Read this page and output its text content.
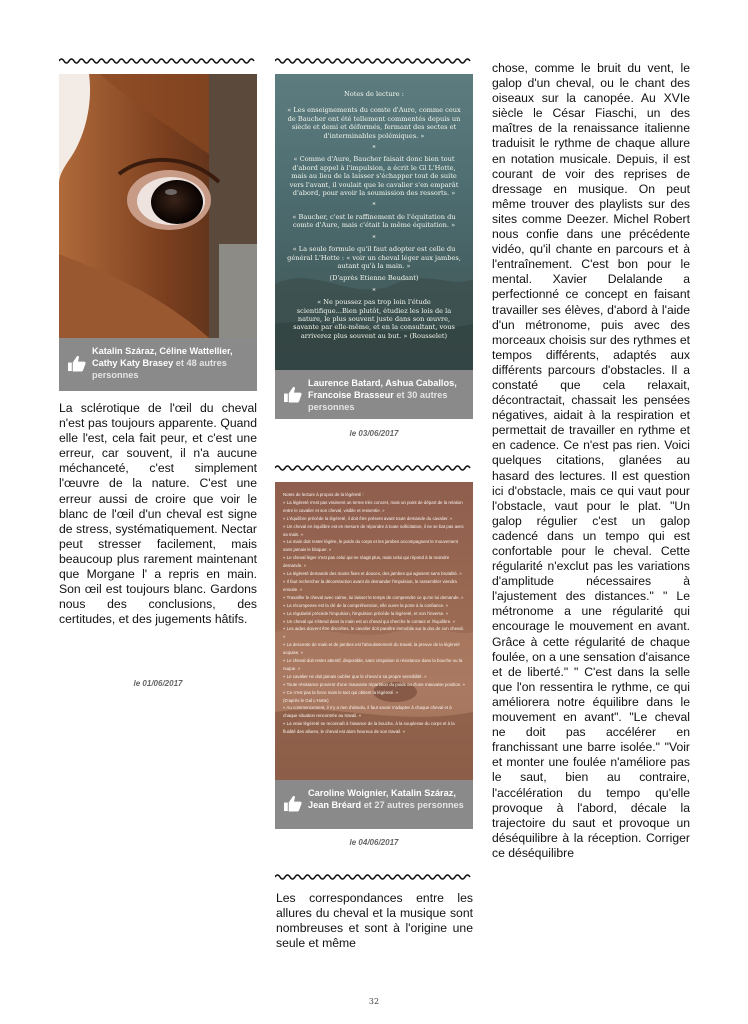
Katalin Száraz, Céline Wattellier, Cathy Katy Brasey et 48 autres personnes

La sclérotique de l'œil du cheval n'est pas toujours apparente. Quand elle l'est, cela fait peur, et c'est une erreur, car souvent, il n'a aucune méchanceté, c'est simplement l'œuvre de la nature. C'est une erreur aussi de croire que voir le blanc de l'œil d'un cheval est signe de stress, systématiquement. Nectar peut stresser facilement, mais beaucoup plus rarement maintenant que Morgane l' a repris en main. Son œil est toujours blanc. Gardons nous des conclusions, des certitudes, et des jugements hâtifs.

le 01/06/2017

Notes de lecture :

« Les enseignements du comte d'Aure, comme ceux de Baucher ont été tellement commentés depuis un siècle et demi et déformés, fermant des sectes et d'interminables polémiques. »

*

« Comme d'Aure, Baucher faisait donc bien tout d'abord appel à l'impulsion, a écrit le Gl L'Hotte, mais au lieu de la laisser s'échapper tout de suite vers l'avant, il voulait que le cavalier s'en emparât d'abord, pour avoir la soumission des ressorts. »

*

« Baucher, c'est le raffinement de l'équitation du comte d'Aure, mais c'était la même équitation. »

*

« La seule formule qu'il faut adopter est celle du général L'Hotte : « voir un cheval léger aux jambes, autant qu'à la main. »

(D'après Etienne Beudant)

*

« Ne poussez pas trop loin l'étude scientifique...Bien plutôt, étudiez les lois de la nature, le plus souvent juste dans son œuvre, savante par elle-même, et en la consultant, vous arriverez plus souvent au but. » (Rousselet)

Laurence Batard, Ashua Caballos, Francoise Brasseur et 30 autres personnes
le 03/06/2017

Notes de lecture à propos de la légèreté :

« La légèreté n'est pas vraiment un terme très concret, mais un point de départ de la relation entre le cavalier et son cheval, visible et ressentie. »

« L'équilibre précède la légèreté, il doit être présent avant toute demande du cavalier. »

« Un cheval en équilibre est en mesure de répondre à toute sollicitation, il ne se bat pas avec sa main. »

« La main doit rester légère, le poids du corps et les jambes accompagnent le mouvement sans jamais le bloquer. »

« Le cheval léger n'est pas celui qui ne réagit plus, mais celui qui répond à la moindre demande. »

« La légèreté demande des mains fixes et douces, des jambes qui agissent sans brutalité. »

« Il faut rechercher la décontraction avant de demander l'impulsion, le rassembler viendra ensuite. »

« Travailler le cheval avec calme, lui laisser le temps de comprendre ce qu'on lui demande. »

« La récompense est la clé de la compréhension, elle ouvre la porte à la confiance. »

« La régularité précède l'impulsion, l'impulsion précède la légèreté, et non l'inverse. »

« Un cheval qui s'étend dans la main est un cheval qui cherche le contact et l'équilibre. »

« Les aides doivent être discrètes, le cavalier doit paraître immobile sur le dos de son cheval. »

« La descente de main et de jambes est l'aboutissement du travail, la preuve de la légèreté acquise. »

« Le cheval doit rester attentif, disponible, sans crispation ni résistance dans la bouche ou la nuque. »

« Le cavalier ne doit jamais oublier que le cheval a sa propre sensibilité. »

« Toute résistance provient d'une mauvaise répartition du poids ou d'une mauvaise position. »

« Ce n'est pas la force mais le tact qui obtient la légèreté. »

(D'après le Gal L'Hotte)

« Au commencement, il n'y a rien d'absolu, il faut savoir s'adapter à chaque cheval et à chaque situation rencontrée au travail. »

« La vraie légèreté se reconnaît à l'aisance de la bouche, à la souplesse du corps et à la fluidité des allures, le cheval est alors heureux de son travail. »

Caroline Woignier, Katalin Száraz, Jean Bréard et 27 autres personnes
le 04/06/2017

Les correspondances entre les allures du cheval et la musique sont nombreuses et sont à l'origine une seule et même

chose, comme le bruit du vent, le galop d'un cheval, ou le chant des oiseaux sur la canopée. Au XVIe siècle le César Fiaschi, un des maîtres de la renaissance italienne traduisit le rythme de chaque allure en notation musicale. Depuis, il est courant de voir des reprises de dressage en musique. On peut même trouver des playlists sur des sites comme Deezer. Michel Robert nous confie dans une précédente vidéo, qu'il chante en parcours et à l'entraînement. C'est bon pour le mental. Xavier Delalande a perfectionné ce concept en faisant travailler ses élèves, d'abord à l'aide d'un métronome, puis avec des morceaux choisis sur des rythmes et tempos différents, adaptés aux différents parcours d'obstacles. Il a constaté que cela relaxait, décontractait, chassait les pensées négatives, aidait à la respiration et permettait de travailler en rythme et en cadence. Ce n'est pas rien. Voici quelques citations, glanées au hasard des lectures. Il est question ici d'obstacle, mais ce qui vaut pour l'obstacle, vaut pour le plat. "Un galop régulier c'est un galop cadencé dans un tempo qui est confortable pour le cheval. Cette régularité n'exclut pas les variations d'amplitude nécessaires à l'ajustement des distances." " Le métronome a une régularité qui encourage le mouvement en avant. Grâce à cette régularité de chaque foulée, on a une sensation d'aisance et de liberté." " C'est dans la selle que l'on ressentira le rythme, ce qui améliorera notre équilibre dans le mouvement en avant". "Le cheval ne doit pas accélérer en franchissant une barre isolée." "Voir et monter une foulée n'améliore pas le saut, bien au contraire, l'accélération du tempo qu'elle provoque à l'abord, décale la trajectoire du saut et provoque un déséquilibre à la réception. Corriger ce déséquilibre

32
